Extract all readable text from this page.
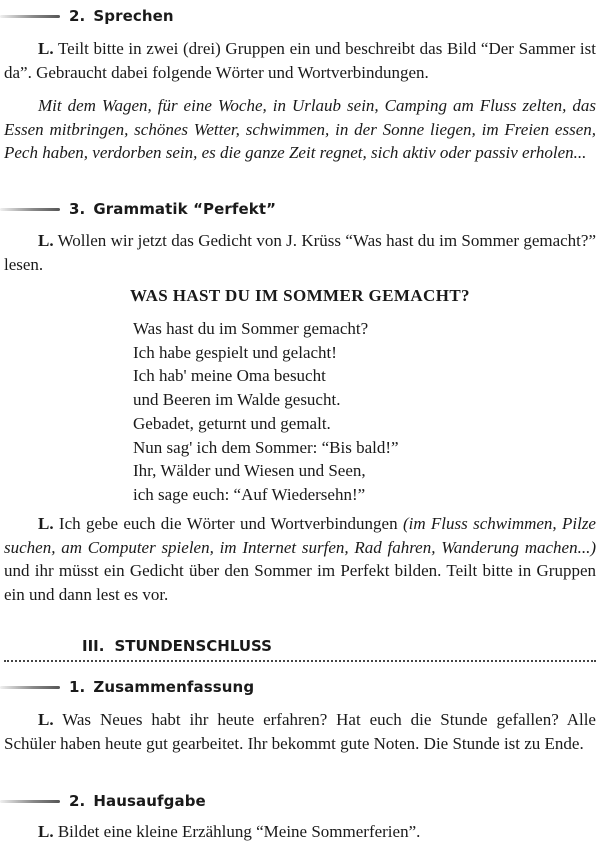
2. Sprechen

L. Teilt bitte in zwei (drei) Gruppen ein und beschreibt das Bild “Der Sammer ist da”. Gebraucht dabei folgende Wörter und Wortverbindungen.

Mit dem Wagen, für eine Woche, in Urlaub sein, Camping am Fluss zelten, das Essen mitbringen, schönes Wetter, schwimmen, in der Sonne liegen, im Freien essen, Pech haben, verdorben sein, es die ganze Zeit regnet, sich aktiv oder passiv erholen...

3. Grammatik “Perfekt”

L. Wollen wir jetzt das Gedicht von J. Krüss “Was hast du im Sommer gemacht?” lesen.

WAS HAST DU IM SOMMER GEMACHT?
Was hast du im Sommer gemacht?
Ich habe gespielt und gelacht!
Ich hab' meine Oma besucht
und Beeren im Walde gesucht.
Gebadet, geturnt und gemalt.
Nun sag' ich dem Sommer: “Bis bald!”
Ihr, Wälder und Wiesen und Seen,
ich sage euch: “Auf Wiedersehn!”

L. Ich gebe euch die Wörter und Wortverbindungen (im Fluss schwimmen, Pilze suchen, am Computer spielen, im Internet surfen, Rad fahren, Wanderung machen...) und ihr müsst ein Gedicht über den Sommer im Perfekt bilden. Teilt bitte in Gruppen ein und dann lest es vor.

III. STUNDENSCHLUSS
1. Zusammenfassung

L. Was Neues habt ihr heute erfahren? Hat euch die Stunde gefallen? Alle Schüler haben heute gut gearbeitet. Ihr bekommt gute Noten. Die Stunde ist zu Ende.

2. Hausaufgabe

L. Bildet eine kleine Erzählung “Meine Sommerferien”.
